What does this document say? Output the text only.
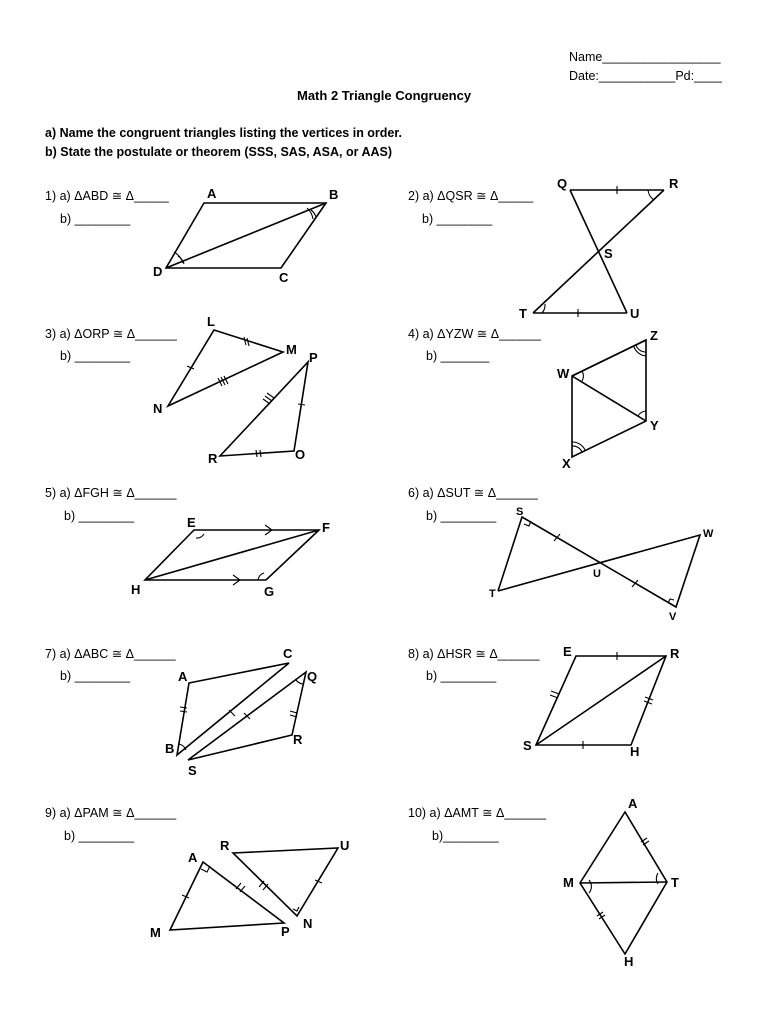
Name_________________
Date:___________Pd:____
Math 2 Triangle Congruency
a) Name the congruent triangles listing the vertices in order.
b) State the postulate or theorem (SSS, SAS, ASA, or AAS)
1) a) ΔABD ≅ Δ_____
b) ________
2) a) ΔQSR ≅ Δ_____
b) ________
3) a) ΔORP ≅ Δ______
b) ________
4) a) ΔYZW ≅ Δ______
b) _______
5) a) ΔFGH ≅ Δ______
b) ________
6) a) ΔSUT ≅ Δ______
b) ________
7) a) ΔABC ≅ Δ______
b) ________
8) a) ΔHSR ≅ Δ______
b) ________
9) a) ΔPAM ≅ Δ______
b) ________
10) a) ΔAMT ≅ Δ______
b)________
A	B
D	C
Q	R
S
T	U
L
M
N
P
R	O
Z
W
Y
X
E	F
H	G
S
W
U
T
V
C
A	Q
R
B
S
E	R
S	H
R	U
A
N
M	P
A
M	T
H
